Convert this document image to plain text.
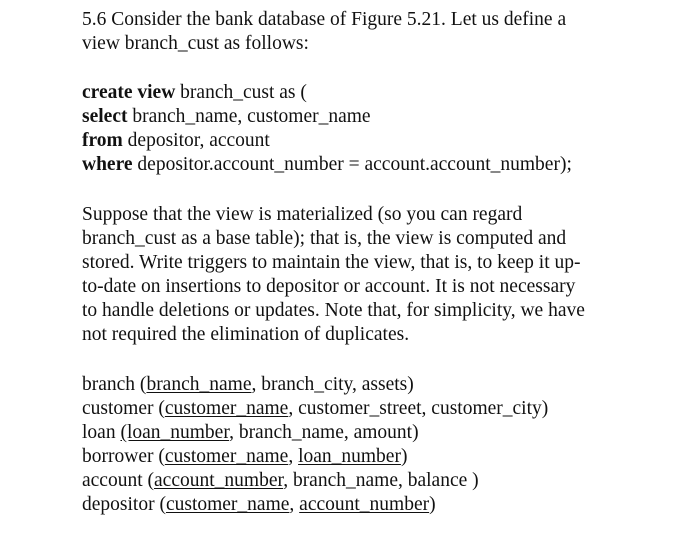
5.6 Consider the bank database of Figure 5.21. Let us define a
view branch_cust as follows:
create view branch_cust as (
select branch_name, customer_name
from depositor, account
where depositor.account_number = account.account_number);
Suppose that the view is materialized (so you can regard
branch_cust as a base table); that is, the view is computed and
stored. Write triggers to maintain the view, that is, to keep it up-
to-date on insertions to depositor or account. It is not necessary
to handle deletions or updates. Note that, for simplicity, we have
not required the elimination of duplicates.
branch (branch_name, branch_city, assets)
customer (customer_name, customer_street, customer_city)
loan (loan_number, branch_name, amount)
borrower (customer_name, loan_number)
account (account_number, branch_name, balance )
depositor (customer_name, account_number)
